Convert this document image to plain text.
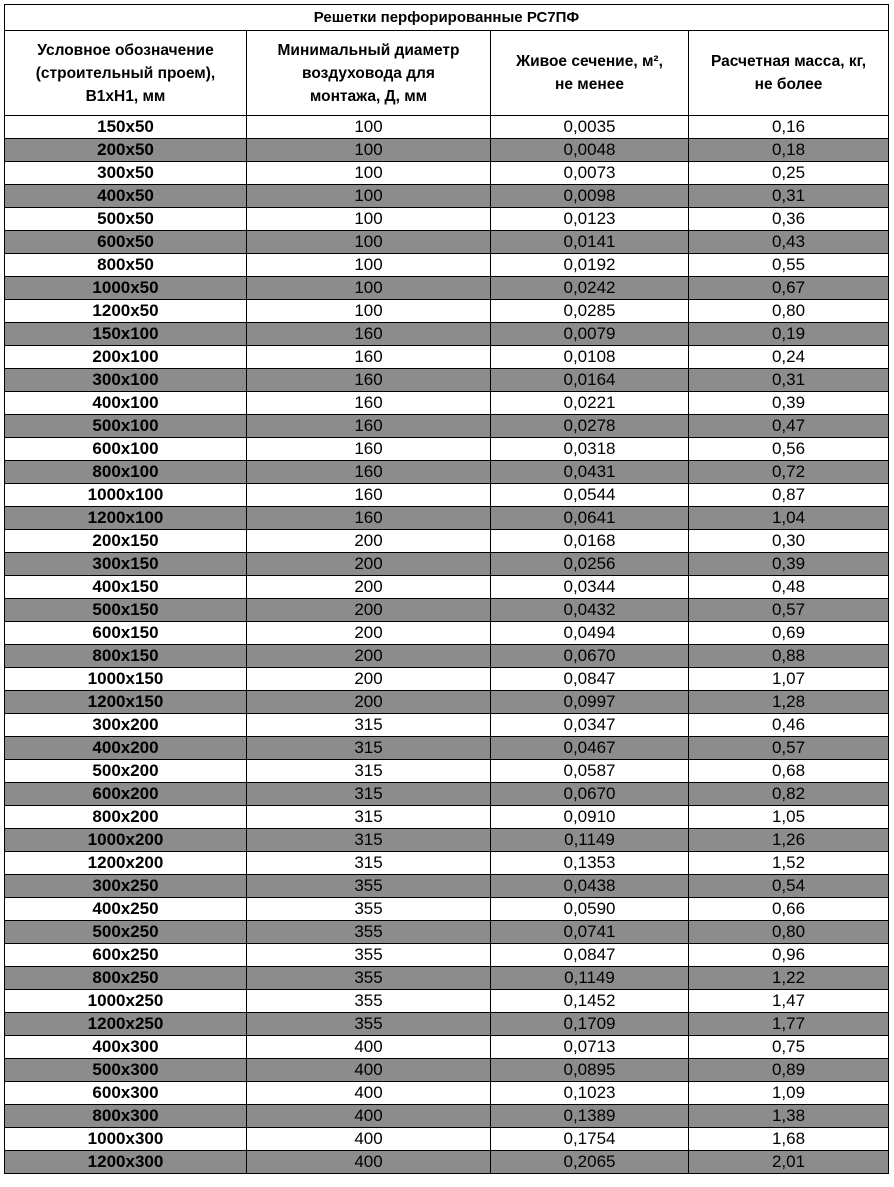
Решетки перфорированные РС7ПФ			

Условное обозначение
(строительный проем),
В1хН1, мм	Минимальный диаметр
воздуховода для
монтажа, Д, мм	Живое сечение, м²,
не менее	Расчетная масса, кг,
не более

150x50	100	0,0035	0,16
200x50	100	0,0048	0,18
300x50	100	0,0073	0,25
400x50	100	0,0098	0,31
500x50	100	0,0123	0,36
600x50	100	0,0141	0,43
800x50	100	0,0192	0,55
1000x50	100	0,0242	0,67
1200x50	100	0,0285	0,80
150x100	160	0,0079	0,19
200x100	160	0,0108	0,24
300x100	160	0,0164	0,31
400x100	160	0,0221	0,39
500x100	160	0,0278	0,47
600x100	160	0,0318	0,56
800x100	160	0,0431	0,72
1000x100	160	0,0544	0,87
1200x100	160	0,0641	1,04
200x150	200	0,0168	0,30
300x150	200	0,0256	0,39
400x150	200	0,0344	0,48
500x150	200	0,0432	0,57
600x150	200	0,0494	0,69
800x150	200	0,0670	0,88
1000x150	200	0,0847	1,07
1200x150	200	0,0997	1,28
300x200	315	0,0347	0,46
400x200	315	0,0467	0,57
500x200	315	0,0587	0,68
600x200	315	0,0670	0,82
800x200	315	0,0910	1,05
1000x200	315	0,1149	1,26
1200x200	315	0,1353	1,52
300x250	355	0,0438	0,54
400x250	355	0,0590	0,66
500x250	355	0,0741	0,80
600x250	355	0,0847	0,96
800x250	355	0,1149	1,22
1000x250	355	0,1452	1,47
1200x250	355	0,1709	1,77
400x300	400	0,0713	0,75
500x300	400	0,0895	0,89
600x300	400	0,1023	1,09
800x300	400	0,1389	1,38
1000x300	400	0,1754	1,68
1200x300	400	0,2065	2,01
